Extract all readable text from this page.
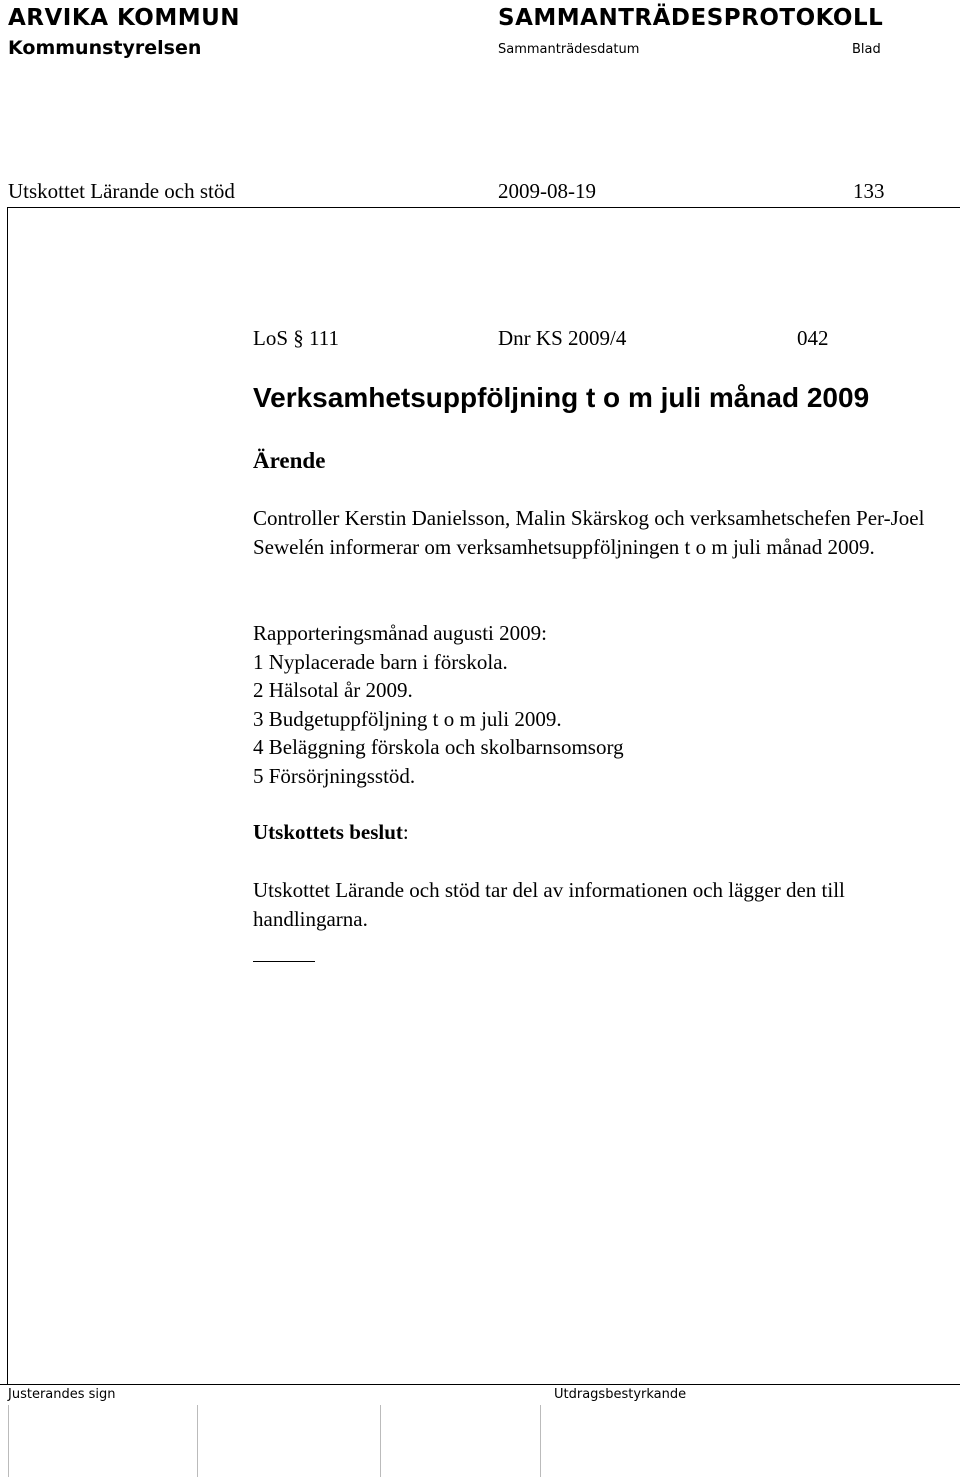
ARVIKA KOMMUN
Kommunstyrelsen
SAMMANTRÄDESPROTOKOLL
Sammanträdesdatum	Blad
Utskottet Lärande och stöd	2009-08-19	133
LoS § 111	Dnr KS 2009/4	042
Verksamhetsuppföljning t o m juli månad 2009
Ärende
Controller Kerstin Danielsson, Malin Skärskog och verksamhetschefen Per-Joel Sewelén informerar om verksamhetsuppföljningen t o m juli månad 2009.
Rapporteringsmånad augusti 2009:
1 Nyplacerade barn i förskola.
2 Hälsotal år 2009.
3 Budgetuppföljning t o m juli 2009.
4 Beläggning förskola och skolbarnsomsorg
5 Försörjningsstöd.
Utskottets beslut:
Utskottet Lärande och stöd tar del av informationen och lägger den till handlingarna.
Justerandes sign	Utdragsbestyrkande
